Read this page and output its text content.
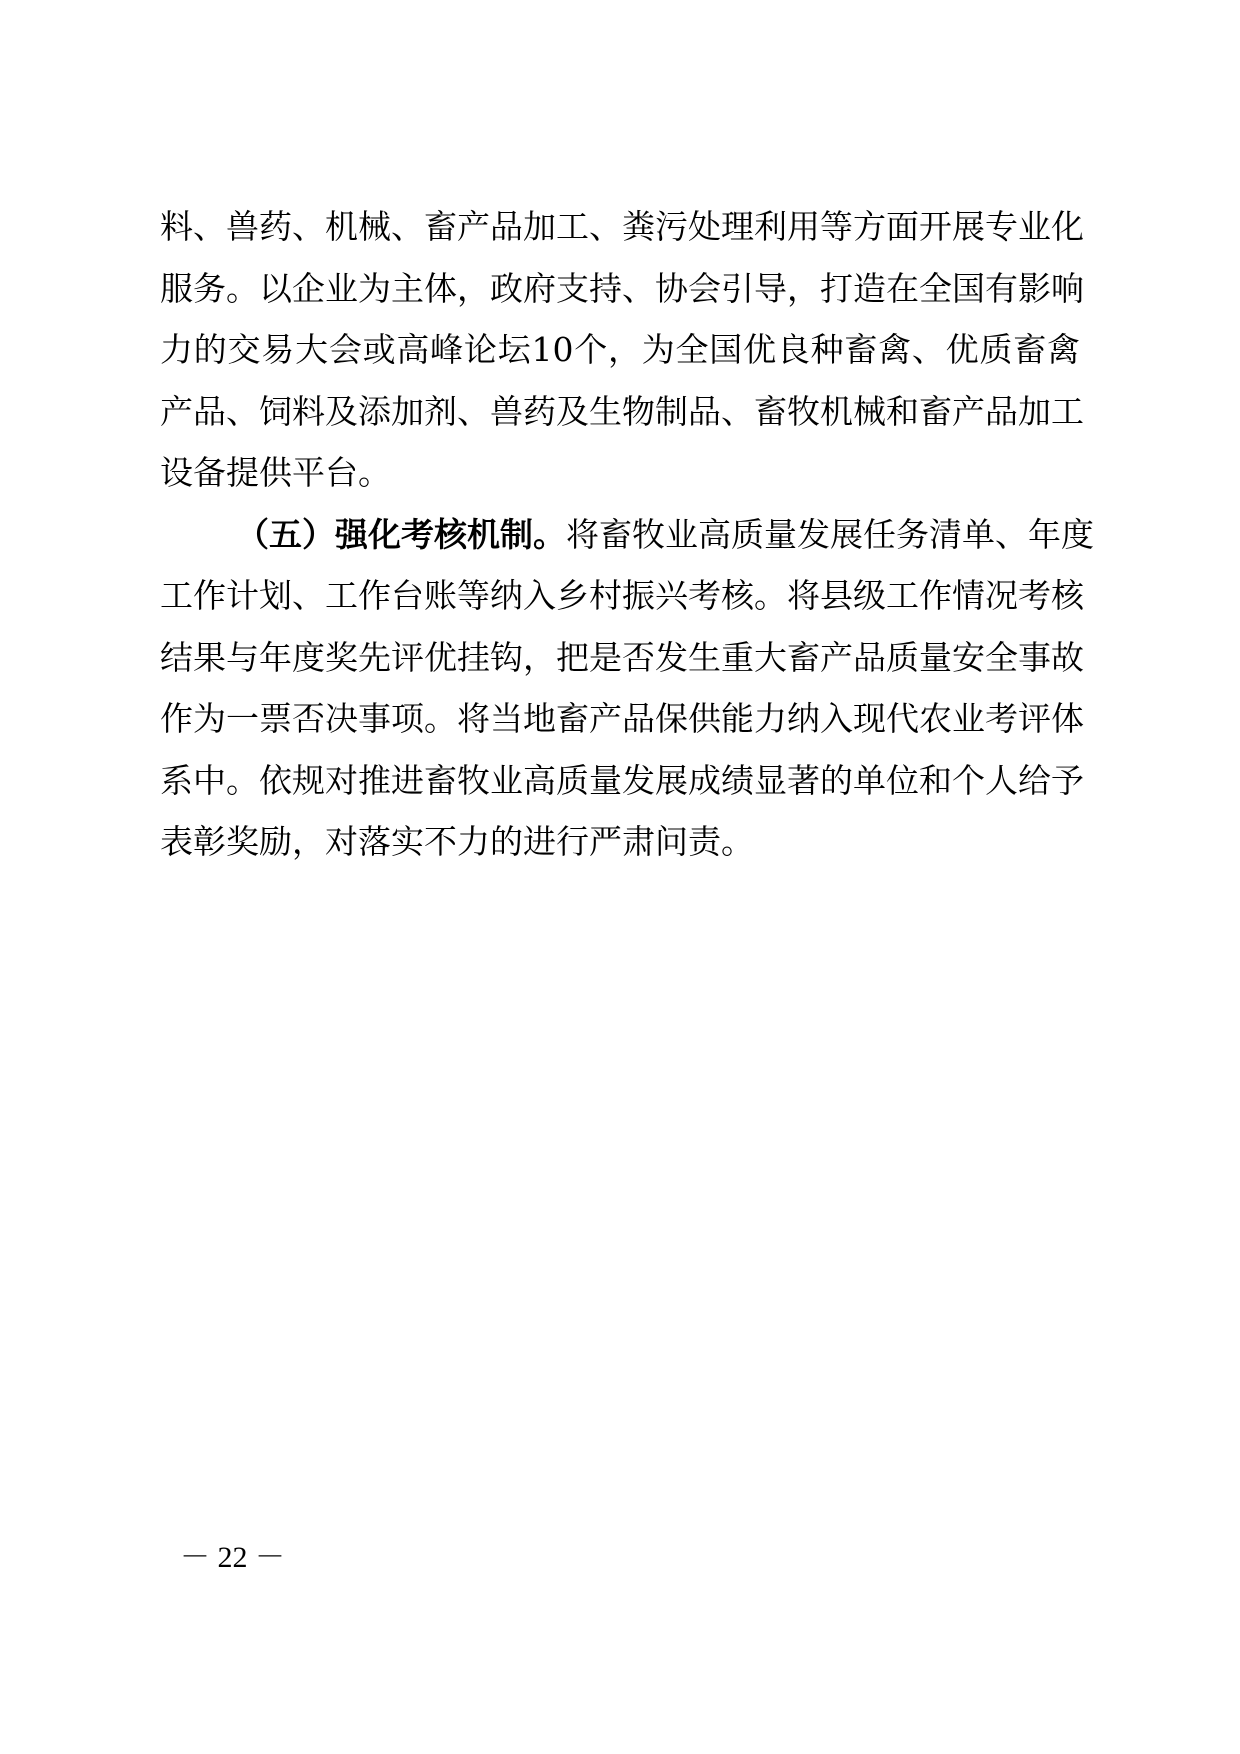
料、兽药、机械、畜产品加工、粪污处理利用等方面开展专业化
服务。以企业为主体，政府支持、协会引导，打造在全国有影响
力的交易大会或高峰论坛10个，为全国优良种畜禽、优质畜禽
产品、饲料及添加剂、兽药及生物制品、畜牧机械和畜产品加工
设备提供平台。
（五）强化考核机制。将畜牧业高质量发展任务清单、年度
工作计划、工作台账等纳入乡村振兴考核。将县级工作情况考核
结果与年度奖先评优挂钩，把是否发生重大畜产品质量安全事故
作为一票否决事项。将当地畜产品保供能力纳入现代农业考评体
系中。依规对推进畜牧业高质量发展成绩显著的单位和个人给予
表彰奖励，对落实不力的进行严肃问责。
－ 22 －
